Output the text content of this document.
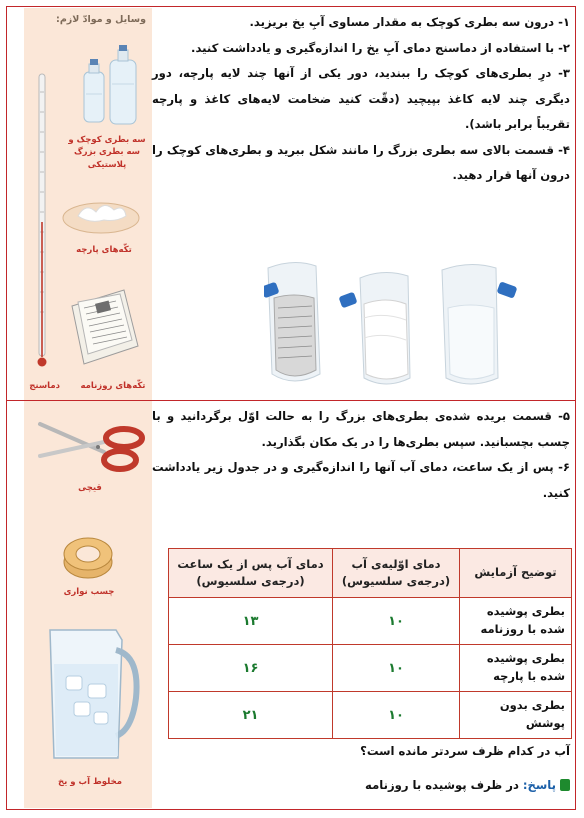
وسایل و موادّ لازم:
دماسنج
سه بطری کوچک و سه بطری بزرگ پلاستیکی
تکّه‌های پارچه
تکّه‌های روزنامه
قیچی
چسب نواری
مخلوط آب و یخ

۱- درون سه بطری کوچک به مقدار مساوی آبِ یخ بریزید.

۲- با استفاده از دماسنج دمای آبِ یخ را اندازه‌گیری و یادداشت کنید.

۳- درِ بطری‌های کوچک را ببندید، دور یکی از آنها چند لایه پارچه، دور دیگری چند لایه کاغذ بپیچید (دقّت کنید ضخامت لایه‌های کاغذ و پارچه تقریباً برابر باشد).

۴- قسمت بالای سه بطری بزرگ را مانند شکل ببرید و بطری‌های کوچک را درون آنها قرار دهید.

۵- قسمت بریده شده‌ی بطری‌های بزرگ را به حالت اوّل برگردانید و با چسب بچسبانید. سپس بطری‌ها را در یک مکان بگذارید.

۶- پس از یک ساعت، دمای آب آنها را اندازه‌گیری و در جدول زیر یادداشت کنید.

توضیح آزمایش	دمای اوّلیه‌ی آب (درجه‌ی سلسیوس)	دمای آب پس از یک ساعت (درجه‌ی سلسیوس)
بطری پوشیده شده با روزنامه	۱۰	۱۳
بطری پوشیده شده با پارچه	۱۰	۱۶
بطری بدون پوشش	۱۰	۲۱
آب در کدام ظرف سردتر مانده است؟
پاسخ:
در ظرف پوشیده با روزنامه
